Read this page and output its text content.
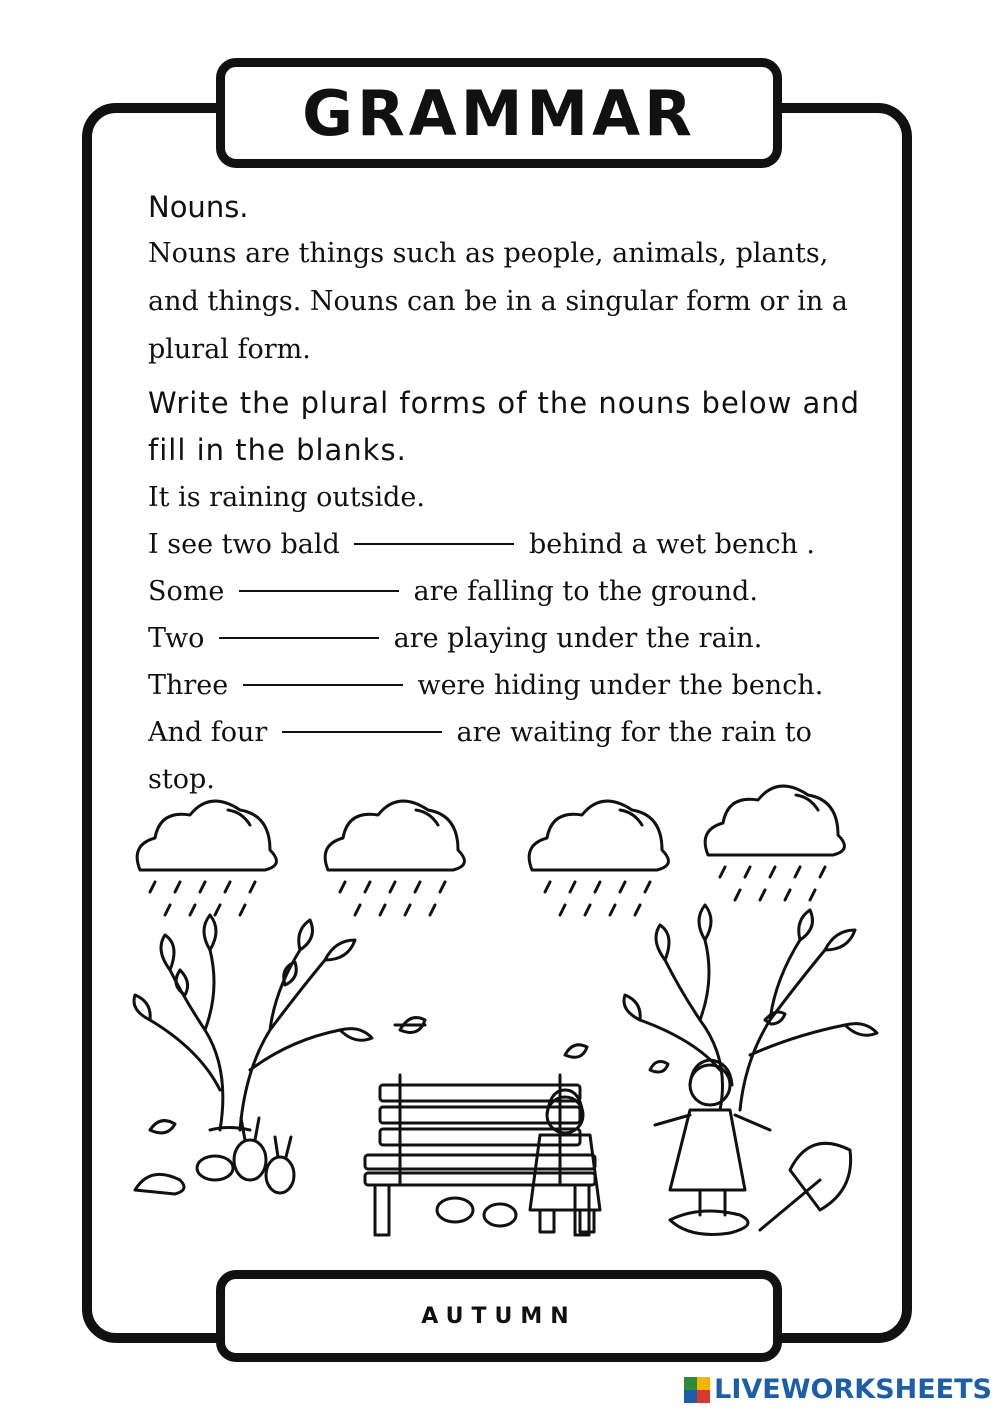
GRAMMAR

Nouns.

Nouns are things such as people, animals, plants, and things. Nouns can be in a singular form or in a plural form.

Write the plural forms of the nouns below and fill in the blanks.

It is raining outside.

I see two bald	behind a wet bench .

Some	are falling to the ground.

Two	are playing under the rain.

Three	were hiding under the bench.

And four	are waiting for the rain to

stop.

AUTUMN
LIVEWORKSHEETS
